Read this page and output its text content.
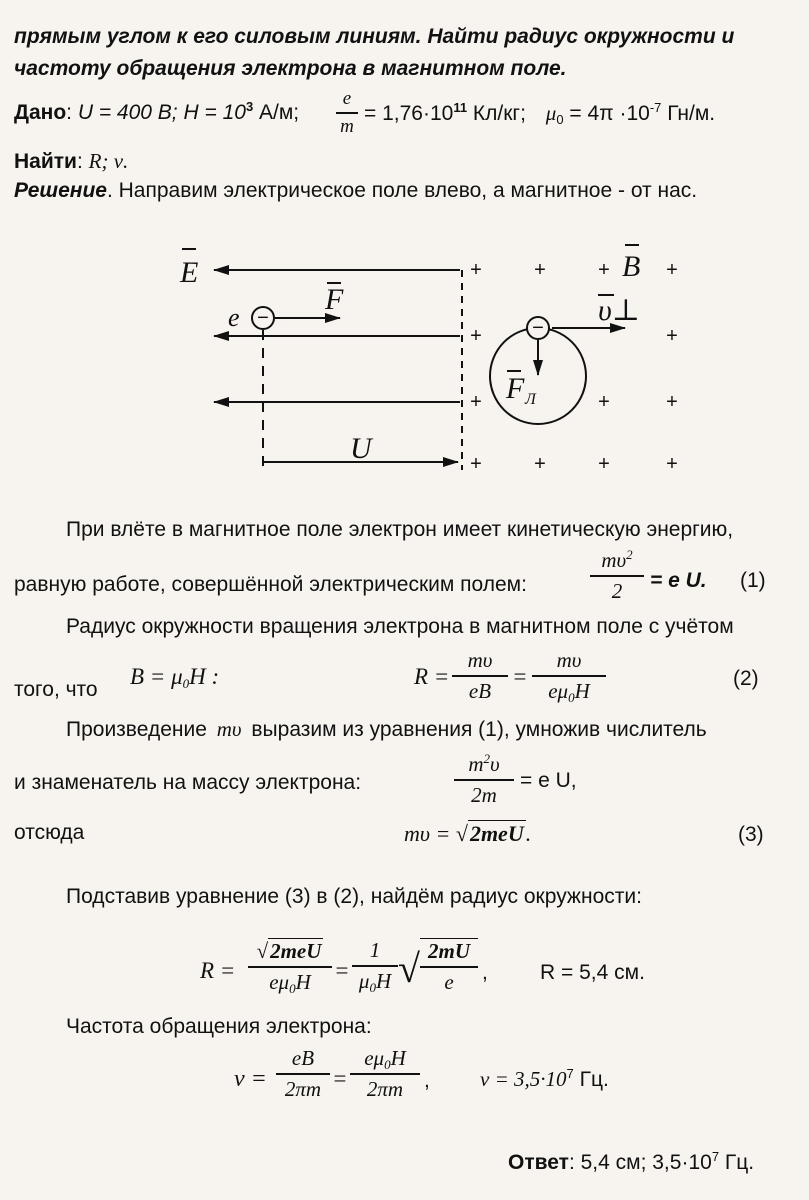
прямым углом к его силовым линиям. Найти радиус окружности и
частоту обращения электрона в магнитном поле.
Дано: U = 400 В; $H = 10^3$ А/м;
e
m
= $1,76\cdot 10^{11}$ Кл/кг; $\mu_0 = 4\pi \cdot 10^{-7}$ Гн/м.
Найти: R; ν.
Решение. Направим электрическое поле влево, а магнитное - от нас.
E
F
e
B
υ⊥
U
F Л
−	−
+	+	+	+
+	+
+	+	+
+	+	+	+
При влёте в магнитное поле электрон имеет кинетическую энергию,
равную работе, совершённой электрическим полем:
$m\upsilon^2$
2	= e U. (1)
Радиус окружности вращения электрона в магнитном поле с учётом
того, что
$B = \mu_0H$ :	R =
mυ
eB
=
mυ
$e\mu_0H$	(2)
Произведение mυ выразим из уравнения (1), умножив числитель
и знаменатель на массу электрона:
$m^2\upsilon$
2m
= e U,
отсюда	mυ = √2meU.	(3)
Подставив уравнение (3) в (2), найдём радиус окружности:
R =
√2meU
$e\mu_0H$	=
1
$\mu_0H$ √ 2mU
e	, R = 5,4 см.
Частота обращения электрона:
ν =
eB
2πm =
$e\mu_0H$
2πm , $\nu = 3,5\cdot 10^7$ Гц.
Ответ: 5,4 см; $3,5\cdot 10^7$ Гц.
